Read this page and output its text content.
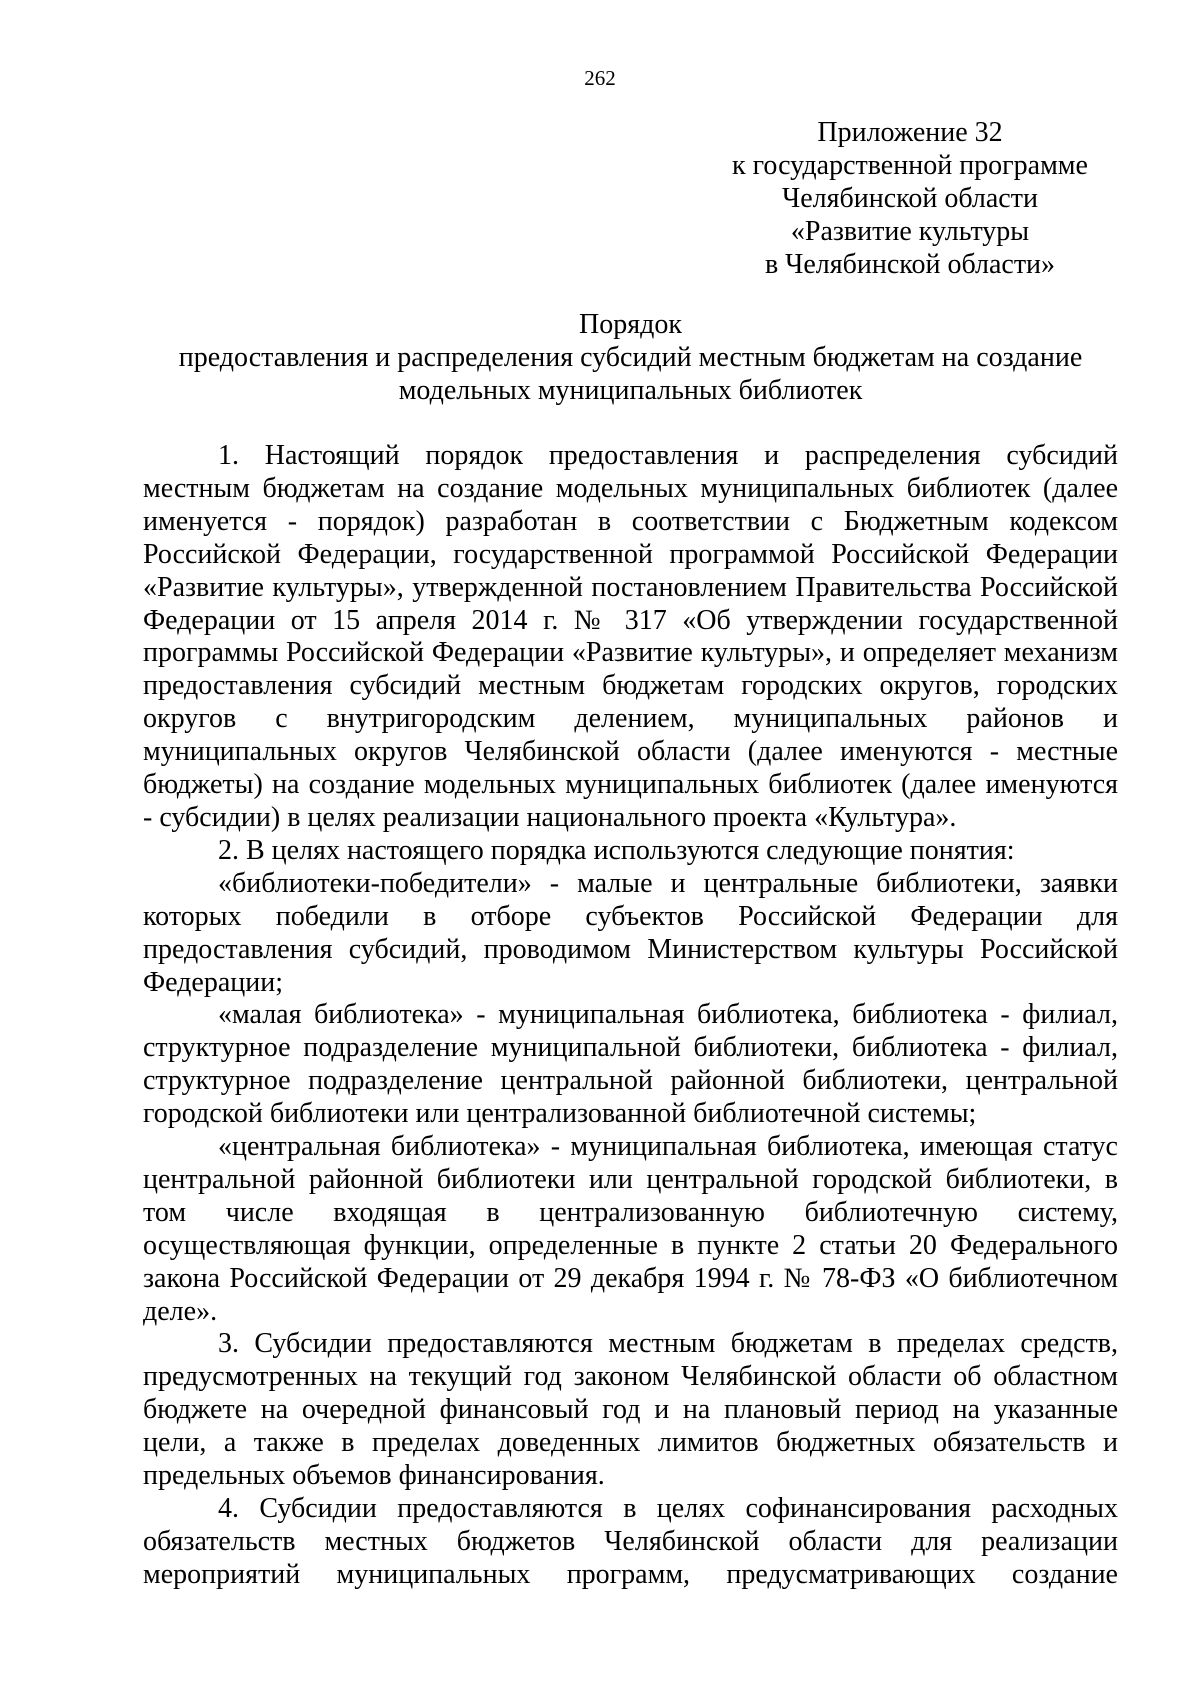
262
Приложение 32
к государственной программе
Челябинской области
«Развитие культуры
в Челябинской области»
Порядок
предоставления и распределения субсидий местным бюджетам на создание
модельных муниципальных библиотек

1. Настоящий порядок предоставления и распределения субсидий местным бюджетам на создание модельных муниципальных библиотек (далее именуется - порядок) разработан в соответствии с Бюджетным кодексом Российской Федерации, государственной программой Российской Федерации «Развитие культуры», утвержденной постановлением Правительства Российской Федерации от 15 апреля 2014 г. № 317 «Об утверждении государственной программы Российской Федерации «Развитие культуры», и определяет механизм предоставления субсидий местным бюджетам городских округов, городских округов с внутригородским делением, муниципальных районов и муниципальных округов Челябинской области (далее именуются - местные бюджеты) на создание модельных муниципальных библиотек (далее именуются - субсидии) в целях реализации национального проекта «Культура».

2. В целях настоящего порядка используются следующие понятия:

«библиотеки-победители» - малые и центральные библиотеки, заявки которых победили в отборе субъектов Российской Федерации для предоставления субсидий, проводимом Министерством культуры Российской Федерации;

«малая библиотека» - муниципальная библиотека, библиотека - филиал, структурное подразделение муниципальной библиотеки, библиотека - филиал, структурное подразделение центральной районной библиотеки, центральной городской библиотеки или централизованной библиотечной системы;

«центральная библиотека» - муниципальная библиотека, имеющая статус центральной районной библиотеки или центральной городской библиотеки, в том числе входящая в централизованную библиотечную систему, осуществляющая функции, определенные в пункте 2 статьи 20 Федерального закона Российской Федерации от 29 декабря 1994 г. № 78-ФЗ «О библиотечном деле».

3. Субсидии предоставляются местным бюджетам в пределах средств, предусмотренных на текущий год законом Челябинской области об областном бюджете на очередной финансовый год и на плановый период на указанные цели, а также в пределах доведенных лимитов бюджетных обязательств и предельных объемов финансирования.

4. Субсидии предоставляются в целях софинансирования расходных обязательств местных бюджетов Челябинской области для реализации мероприятий муниципальных программ, предусматривающих создание
